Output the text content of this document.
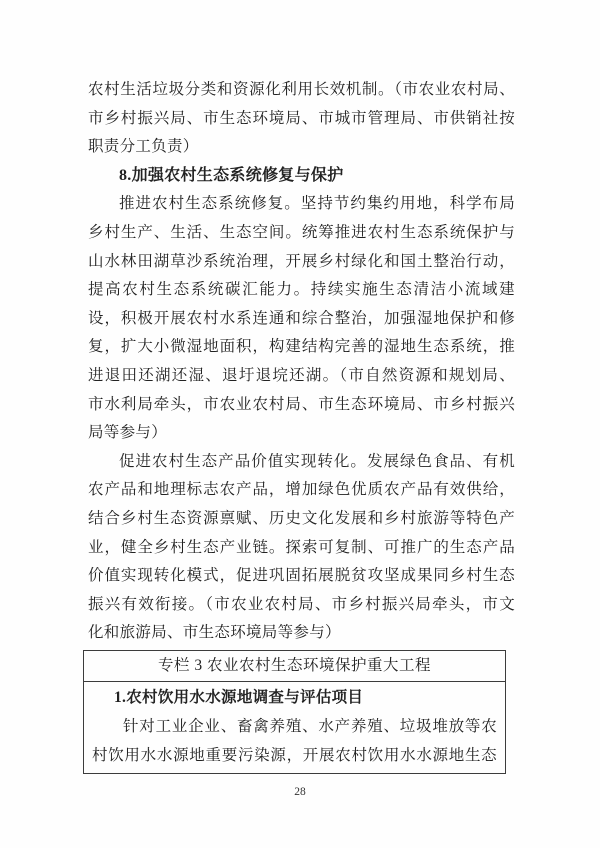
农村生活垃圾分类和资源化利用长效机制。（市农业农村局、
市乡村振兴局、市生态环境局、市城市管理局、市供销社按
职责分工负责）
8.加强农村生态系统修复与保护
推进农村生态系统修复。坚持节约集约用地，科学布局
乡村生产、生活、生态空间。统筹推进农村生态系统保护与
山水林田湖草沙系统治理，开展乡村绿化和国土整治行动，
提高农村生态系统碳汇能力。持续实施生态清洁小流域建
设，积极开展农村水系连通和综合整治，加强湿地保护和修
复，扩大小微湿地面积，构建结构完善的湿地生态系统，推
进退田还湖还湿、退圩退垸还湖。（市自然资源和规划局、
市水利局牵头，市农业农村局、市生态环境局、市乡村振兴
局等参与）
促进农村生态产品价值实现转化。发展绿色食品、有机
农产品和地理标志农产品，增加绿色优质农产品有效供给，
结合乡村生态资源禀赋、历史文化发展和乡村旅游等特色产
业，健全乡村生态产业链。探索可复制、可推广的生态产品
价值实现转化模式，促进巩固拓展脱贫攻坚成果同乡村生态
振兴有效衔接。（市农业农村局、市乡村振兴局牵头，市文
化和旅游局、市生态环境局等参与）
专栏 3 农业农村生态环境保护重大工程
1.农村饮用水水源地调查与评估项目
针对工业企业、畜禽养殖、水产养殖、垃圾堆放等农
村饮用水水源地重要污染源，开展农村饮用水水源地生态
28
